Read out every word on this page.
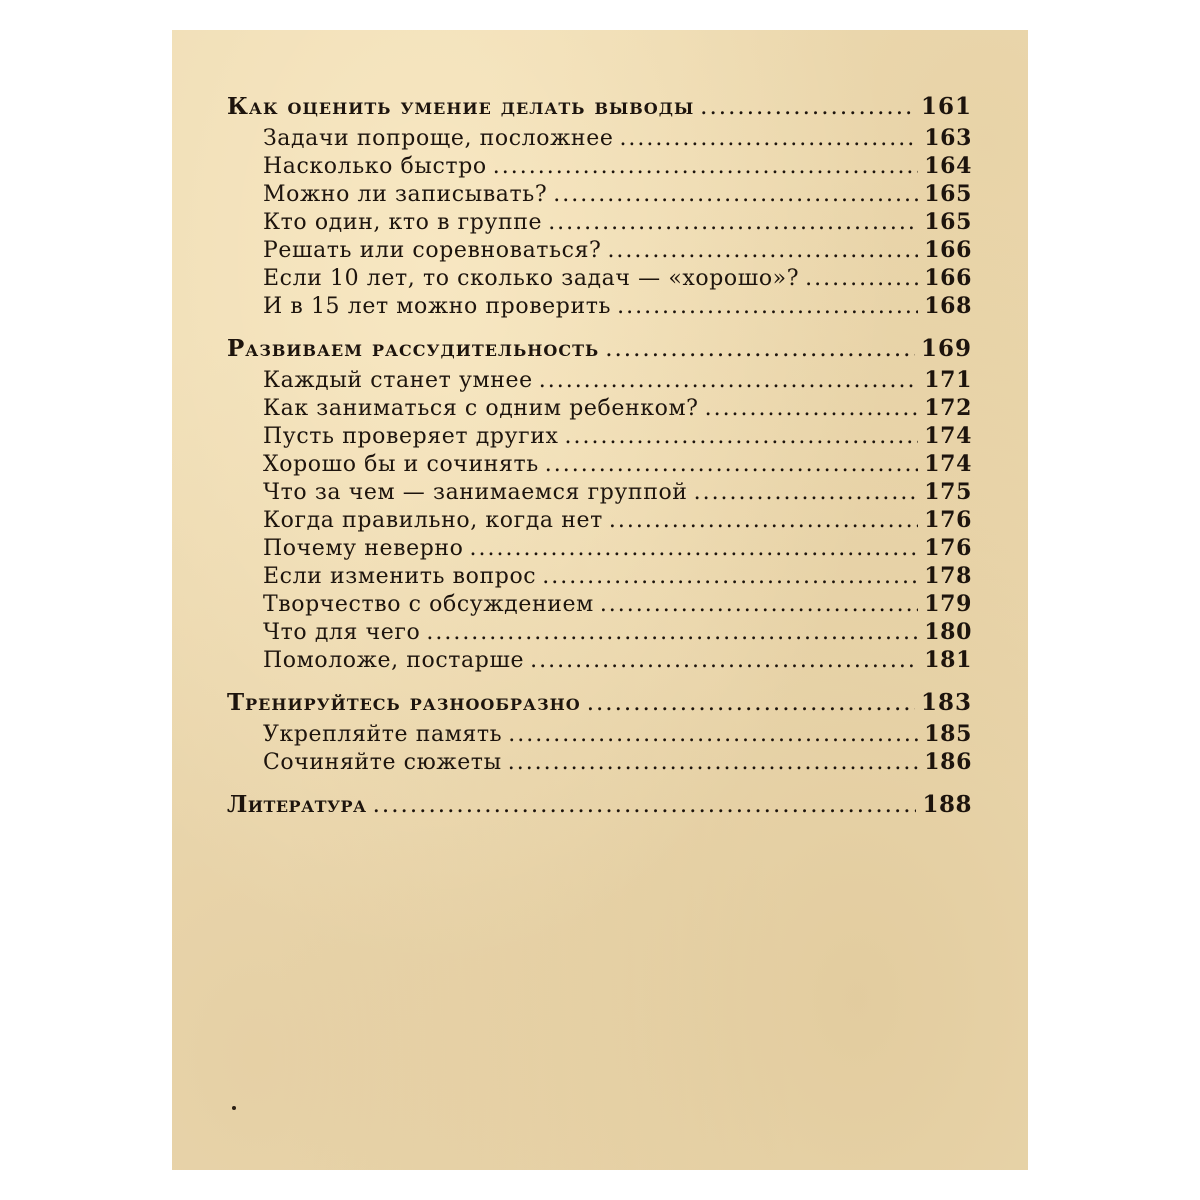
Как оценить умение делать выводы .....	161
Задачи попроще, посложнее .....	163
Насколько быстро .....	164
Можно ли записывать? .....	165
Кто один, кто в группе .....	165
Решать или соревноваться? .....	166
Если 10 лет, то сколько задач — «хорошо»? .....	166
И в 15 лет можно проверить .....	168
Развиваем рассудительность .....	169
Каждый станет умнее .....	171
Как заниматься с одним ребенком? .....	172
Пусть проверяет других .....	174
Хорошо бы и сочинять .....	174
Что за чем — занимаемся группой .....	175
Когда правильно, когда нет .....	176
Почему неверно .....	176
Если изменить вопрос .....	178
Творчество с обсуждением .....	179
Что для чего .....	180
Помоложе, постарше .....	181
Тренируйтесь разнообразно .....	183
Укрепляйте память .....	185
Сочиняйте сюжеты .....	186
Литература .....	188
